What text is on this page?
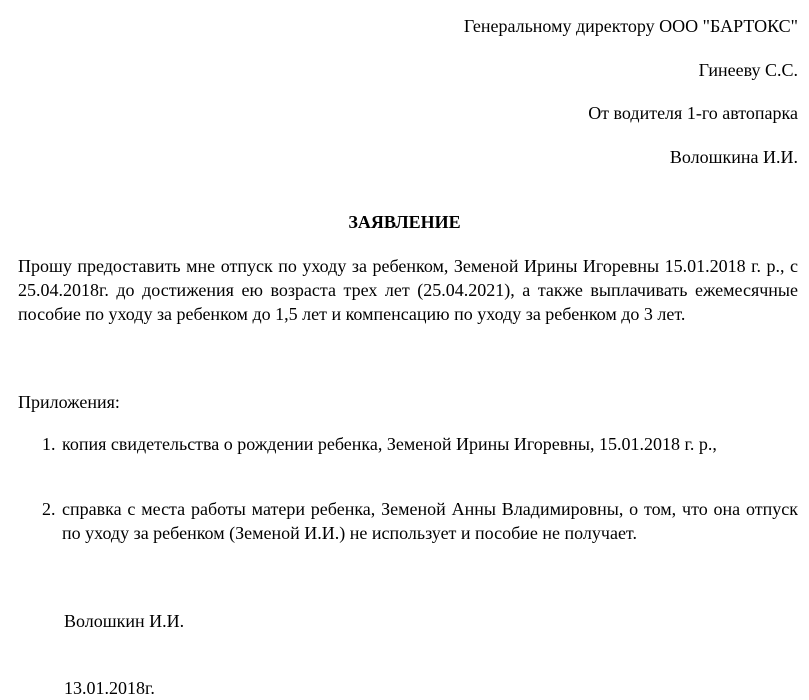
Генеральному директору ООО "БАРТОКС"
Гинееву С.С.
От водителя 1-го автопарка
Волошкина И.И.
ЗАЯВЛЕНИЕ

Прошу предоставить мне отпуск по уходу за ребенком, Земеной Ирины Игоревны 15.01.2018 г. р., с 25.04.2018г. до достижения ею возраста трех лет (25.04.2021), а также выплачивать ежемесячные пособие по уходу за ребенком до 1,5 лет и компенсацию по уходу за ребенком до 3 лет.

Приложения:
1. копия свидетельства о рождении ребенка, Земеной Ирины Игоревны, 15.01.2018 г. р.,
2. справка с места работы матери ребенка, Земеной Анны Владимировны, о том, что она отпуск по уходу за ребенком (Земеной И.И.) не использует и пособие не получает.
Волошкин И.И.
13.01.2018г.
